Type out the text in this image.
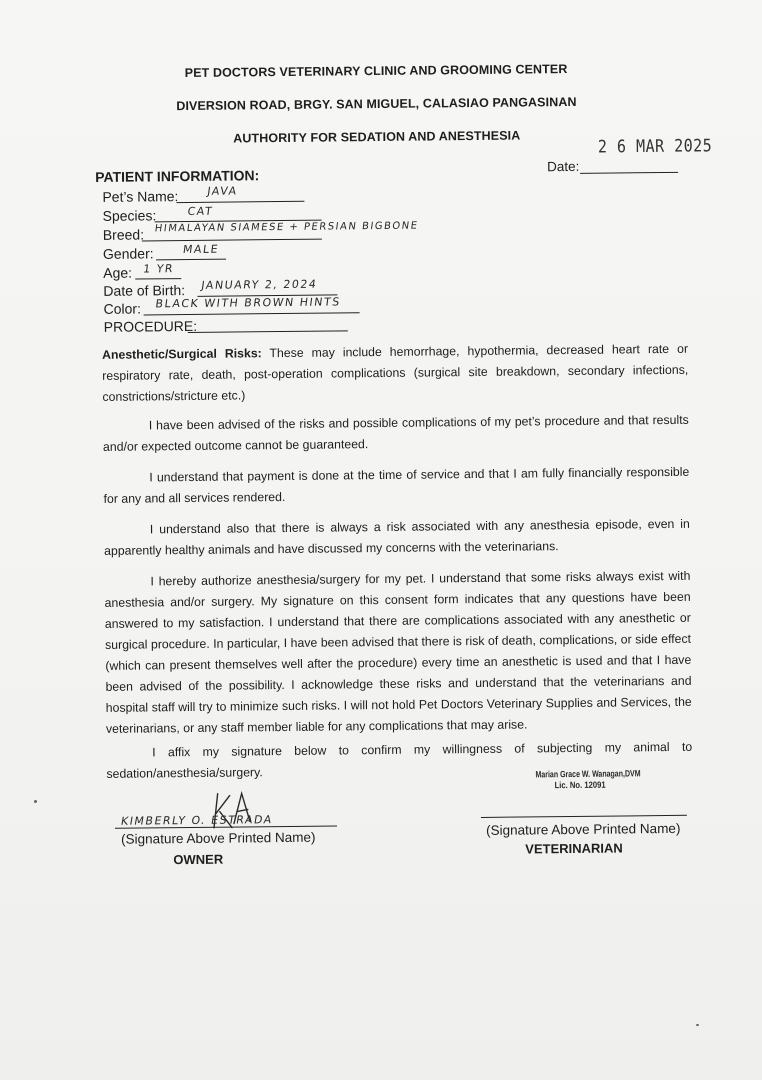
PET DOCTORS VETERINARY CLINIC AND GROOMING CENTER
DIVERSION ROAD, BRGY. SAN MIGUEL, CALASIAO PANGASINAN
AUTHORITY FOR SEDATION AND ANESTHESIA	2 6 MAR 2025
Date:
PATIENT INFORMATION:
Pet’s Name:	JAVA
Species:	CAT
Breed: HIMALAYAN SIAMESE + PERSIAN BIGBONE
Gender:	MALE
Age: 1 YR
Date of Birth: JANUARY 2, 2024
Color: BLACK WITH BROWN HINTS
PROCEDURE:
Anesthetic/Surgical Risks: These may include hemorrhage, hypothermia, decreased heart rate or respiratory rate, death, post-operation complications (surgical site breakdown, secondary infections, constrictions/stricture etc.)
I have been advised of the risks and possible complications of my pet’s procedure and that results and/or expected outcome cannot be guaranteed.
I understand that payment is done at the time of service and that I am fully financially responsible for any and all services rendered.
I understand also that there is always a risk associated with any anesthesia episode, even in apparently healthy animals and have discussed my concerns with the veterinarians.
I hereby authorize anesthesia/surgery for my pet. I understand that some risks always exist with anesthesia and/or surgery. My signature on this consent form indicates that any questions have been answered to my satisfaction. I understand that there are complications associated with any anesthetic or surgical procedure. In particular, I have been advised that there is risk of death, complications, or side effect (which can present themselves well after the procedure) every time an anesthetic is used and that I have been advised of the possibility. I acknowledge these risks and understand that the veterinarians and hospital staff will try to minimize such risks. I will not hold Pet Doctors Veterinary Supplies and Services, the veterinarians, or any staff member liable for any complications that may arise.
I affix my signature below to confirm my willingness of subjecting my animal to sedation/anesthesia/surgery.	Marian Grace W. Wanagan,DVM
Lic. No. 12091
KIMBERLY O. ESTRADA
(Signature Above Printed Name)
OWNER
(Signature Above Printed Name)
VETERINARIAN
